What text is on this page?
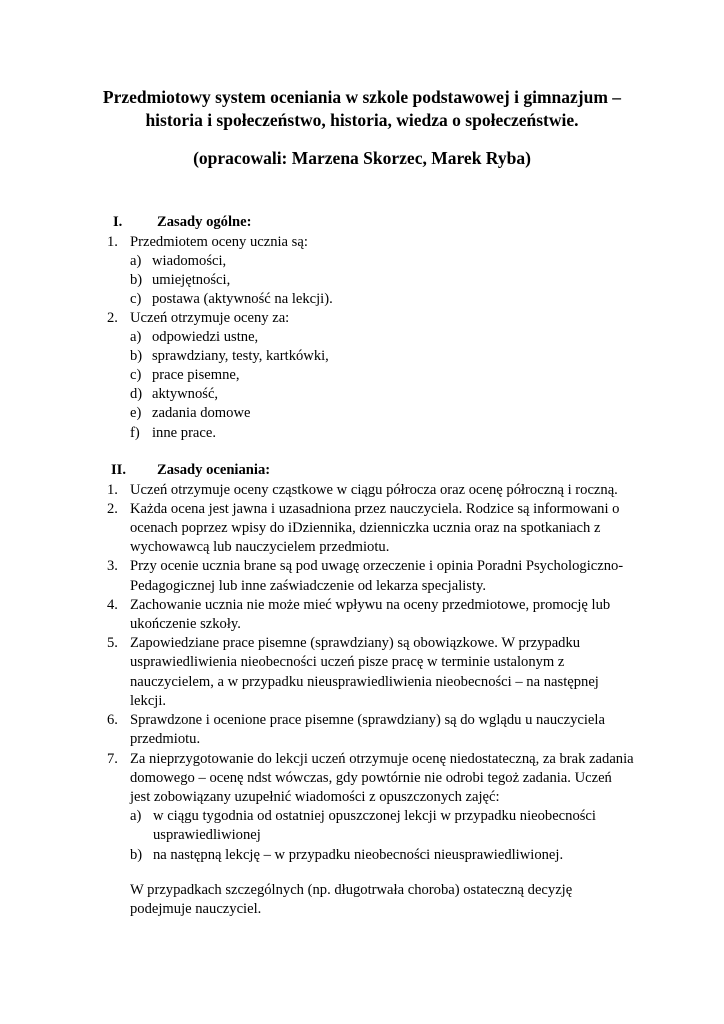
Przedmiotowy system oceniania w szkole podstawowej i gimnazjum –

historia i społeczeństwo, historia, wiedza o społeczeństwie.

(opracowali: Marzena Skorzec, Marek Ryba)

I. Zasady ogólne:
1. Przedmiotem oceny ucznia są:
a) wiadomości,
b) umiejętności,
c) postawa (aktywność na lekcji).
2. Uczeń otrzymuje oceny za:
a) odpowiedzi ustne,
b) sprawdziany, testy, kartkówki,
c) prace pisemne,
d) aktywność,
e) zadania domowe
f) inne prace.
II. Zasady oceniania:
1. Uczeń otrzymuje oceny cząstkowe w ciągu półrocza oraz ocenę półroczną i roczną.
2. Każda ocena jest jawna i uzasadniona przez nauczyciela. Rodzice są informowani o
ocenach poprzez wpisy do iDziennika, dzienniczka ucznia oraz na spotkaniach z
wychowawcą lub nauczycielem przedmiotu.
3. Przy ocenie ucznia brane są pod uwagę orzeczenie i opinia Poradni Psychologiczno-
Pedagogicznej lub inne zaświadczenie od lekarza specjalisty.
4. Zachowanie ucznia nie może mieć wpływu na oceny przedmiotowe, promocję lub
ukończenie szkoły.
5. Zapowiedziane prace pisemne (sprawdziany) są obowiązkowe. W przypadku
usprawiedliwienia nieobecności uczeń pisze pracę w terminie ustalonym z
nauczycielem, a w przypadku nieusprawiedliwienia nieobecności – na następnej
lekcji.
6. Sprawdzone i ocenione prace pisemne (sprawdziany) są do wglądu u nauczyciela
przedmiotu.
7. Za nieprzygotowanie do lekcji uczeń otrzymuje ocenę niedostateczną, za brak zadania
domowego – ocenę ndst wówczas, gdy powtórnie nie odrobi tegoż zadania. Uczeń
jest zobowiązany uzupełnić wiadomości z opuszczonych zajęć:
a) w ciągu tygodnia od ostatniej opuszczonej lekcji w przypadku nieobecności
usprawiedliwionej
b) na następną lekcję – w przypadku nieobecności nieusprawiedliwionej.
W przypadkach szczególnych (np. długotrwała choroba) ostateczną decyzję
podejmuje nauczyciel.
